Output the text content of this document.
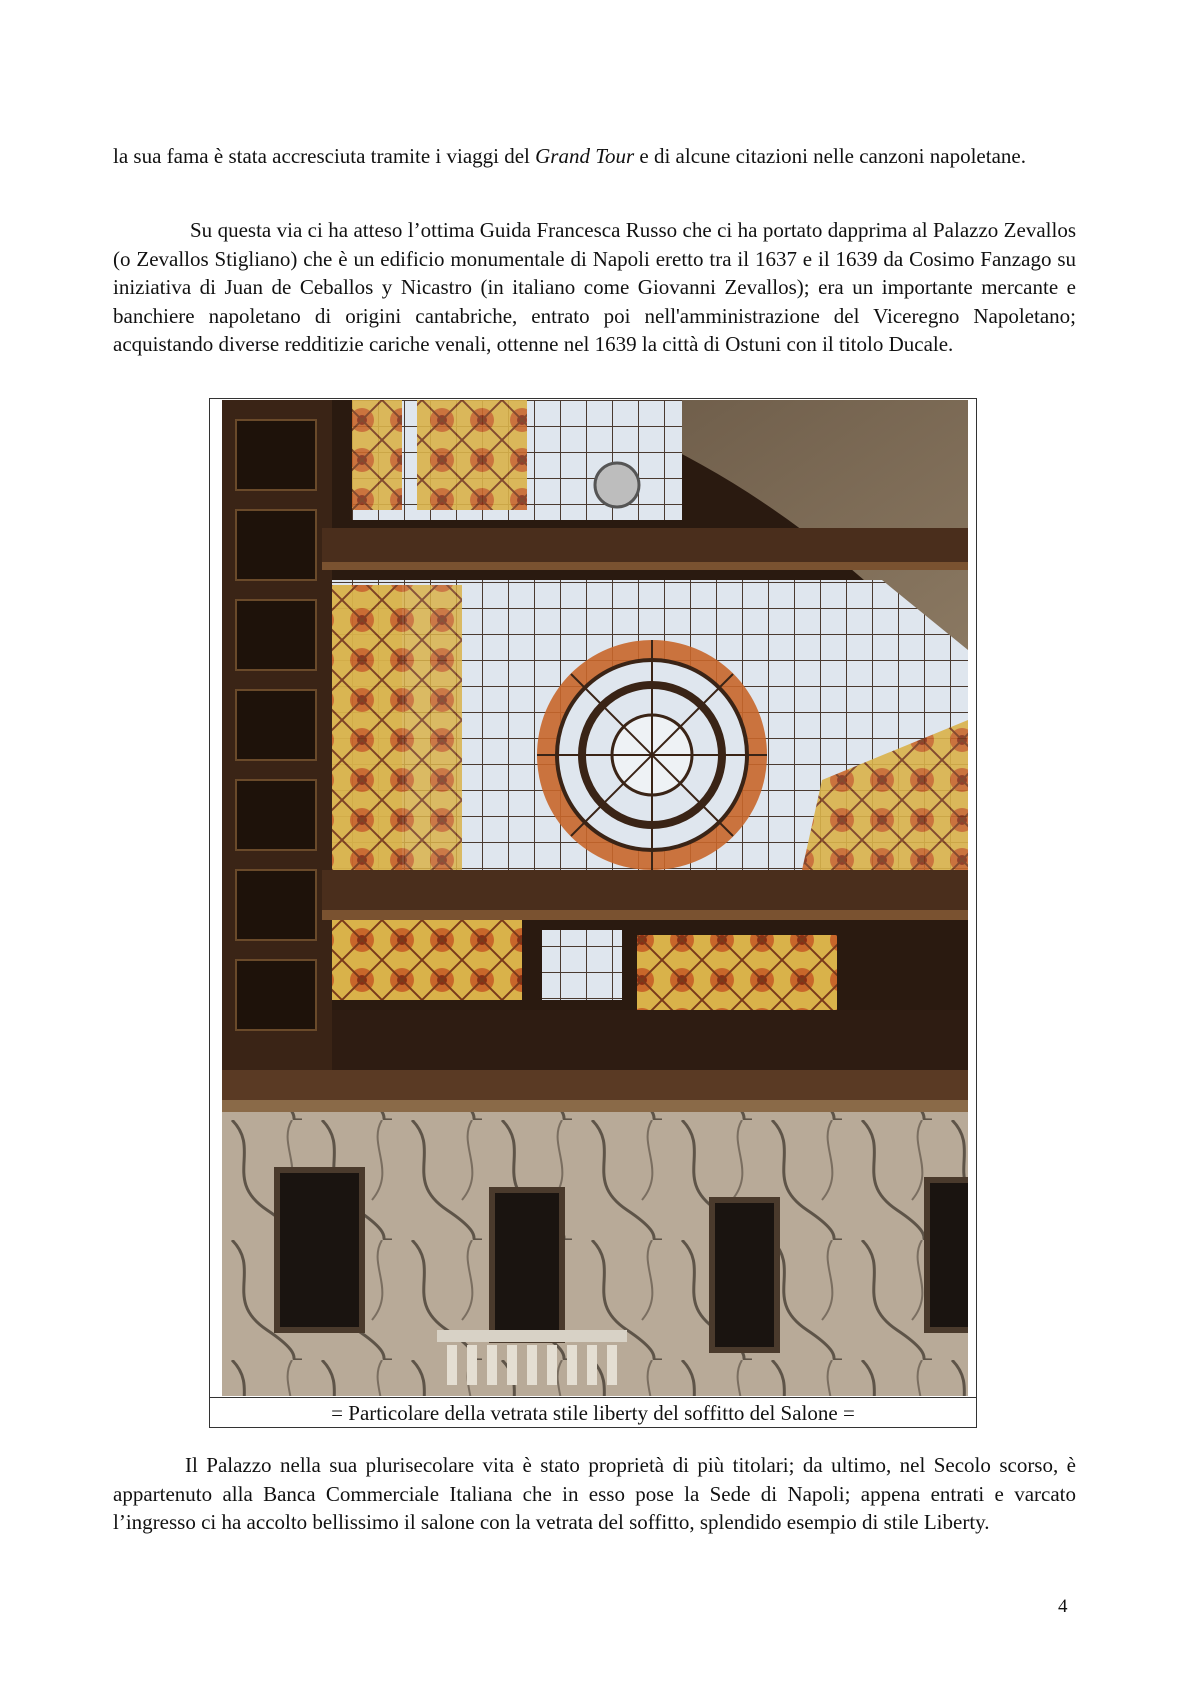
la sua fama è stata accresciuta tramite i viaggi del Grand Tour e di alcune citazioni nelle canzoni napoletane.

Su questa via ci ha atteso l’ottima Guida Francesca Russo che ci ha portato dapprima al Palazzo Zevallos (o Zevallos Stigliano) che è un edificio monumentale di Napoli eretto tra il 1637 e il 1639 da Cosimo Fanzago su iniziativa di Juan de Ceballos y Nicastro (in italiano come Giovanni Zevallos); era un importante mercante e banchiere napoletano di origini cantabriche, entrato poi nell'amministrazione del Viceregno Napoletano; acquistando diverse redditizie cariche venali, ottenne nel 1639 la città di Ostuni con il titolo Ducale.

= Particolare della vetrata stile liberty del soffitto del Salone =

Il Palazzo nella sua plurisecolare vita è stato proprietà di più titolari; da ultimo, nel Secolo scorso, è appartenuto alla Banca Commerciale Italiana che in esso pose la Sede di Napoli; appena entrati e varcato l’ingresso ci ha accolto bellissimo il salone con la vetrata del soffitto, splendido esempio di stile Liberty.

4
